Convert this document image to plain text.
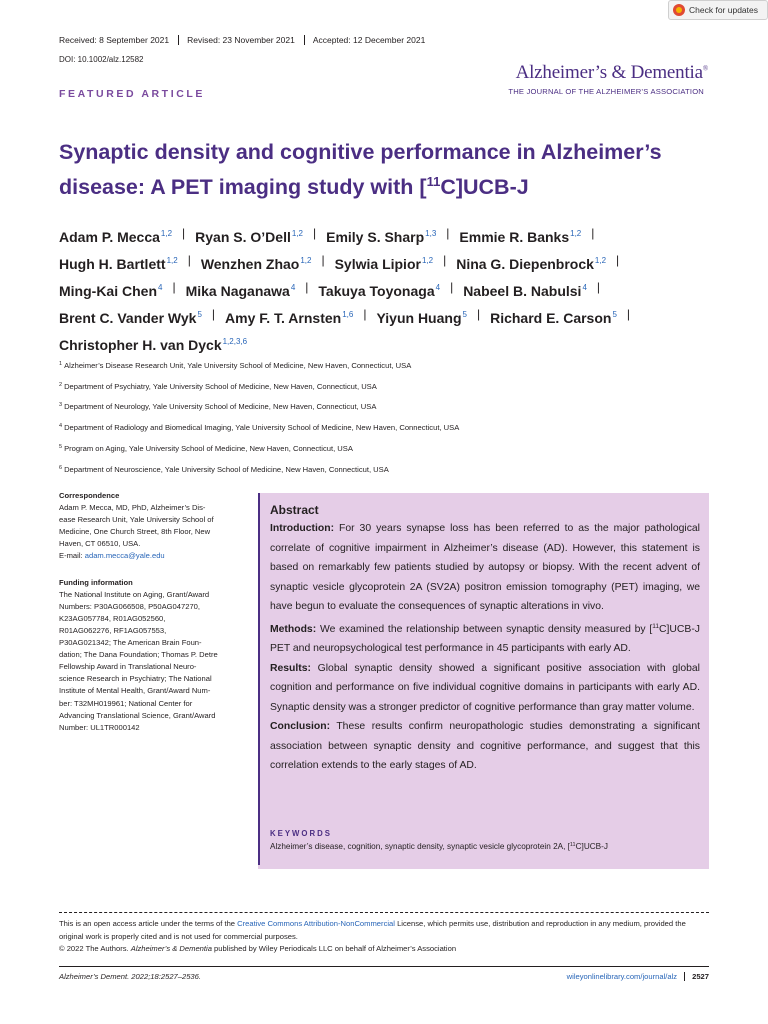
Check for updates
Received: 8 September 2021	Revised: 23 November 2021	Accepted: 12 December 2021
DOI: 10.1002/alz.12582
Alzheimer’s & Dementia®
THE JOURNAL OF THE ALZHEIMER’S ASSOCIATION
FEATURED ARTICLE
Synaptic density and cognitive performance in Alzheimer’s
disease: A PET imaging study with [$^{11}$C]UCB-J
Adam P. Mecca$^{1,2}$ | Ryan S. O’Dell$^{1,2}$ | Emily S. Sharp$^{1,3}$ | Emmie R. Banks$^{1,2}$ |
Hugh H. Bartlett$^{1,2}$ | Wenzhen Zhao$^{1,2}$ | Sylwia Lipior$^{1,2}$ | Nina G. Diepenbrock$^{1,2}$ |
Ming-Kai Chen$^4$ | Mika Naganawa$^4$ | Takuya Toyonaga$^4$ | Nabeel B. Nabulsi$^4$ |
Brent C. Vander Wyk$^5$ | Amy F. T. Arnsten$^{1,6}$ | Yiyun Huang$^5$ | Richard E. Carson$^5$ |
Christopher H. van Dyck$^{1,2,3,6}$
$^1$ Alzheimer’s Disease Research Unit, Yale University School of Medicine, New Haven, Connecticut, USA
$^2$ Department of Psychiatry, Yale University School of Medicine, New Haven, Connecticut, USA
$^3$ Department of Neurology, Yale University School of Medicine, New Haven, Connecticut, USA
$^4$ Department of Radiology and Biomedical Imaging, Yale University School of Medicine, New Haven, Connecticut, USA
$^5$ Program on Aging, Yale University School of Medicine, New Haven, Connecticut, USA
$^6$ Department of Neuroscience, Yale University School of Medicine, New Haven, Connecticut, USA
Correspondence
Adam P. Mecca, MD, PhD, Alzheimer’s Dis-
ease Research Unit, Yale University School of
Medicine, One Church Street, 8th Floor, New
Haven, CT 06510, USA.
E-mail: adam.mecca@yale.edu
Funding information
The National Institute on Aging, Grant/Award
Numbers: P30AG066508, P50AG047270,
K23AG057784, R01AG052560,
R01AG062276, RF1AG057553,
P30AG021342; The American Brain Foun-
dation; The Dana Foundation; Thomas P. Detre
Fellowship Award in Translational Neuro-
science Research in Psychiatry; The National
Institute of Mental Health, Grant/Award Num-
ber: T32MH019961; National Center for
Advancing Translational Science, Grant/Award
Number: UL1TR000142
Abstract
Introduction: For 30 years synapse loss has been referred to as the major pathological correlate of cognitive impairment in Alzheimer’s disease (AD). However, this statement is based on remarkably few patients studied by autopsy or biopsy. With the recent advent of synaptic vesicle glycoprotein 2A (SV2A) positron emission tomography (PET) imaging, we have begun to evaluate the consequences of synaptic alterations in vivo.
Methods: We examined the relationship between synaptic density measured by [$^{11}$C]UCB-J PET and neuropsychological test performance in 45 participants with early AD.
Results: Global synaptic density showed a significant positive association with global cognition and performance on five individual cognitive domains in participants with early AD. Synaptic density was a stronger predictor of cognitive performance than gray matter volume.
Conclusion: These results confirm neuropathologic studies demonstrating a significant association between synaptic density and cognitive performance, and suggest that this correlation extends to the early stages of AD.
KEYWORDS
Alzheimer’s disease, cognition, synaptic density, synaptic vesicle glycoprotein 2A, [$^{11}$C]UCB-J
This is an open access article under the terms of the Creative Commons Attribution-NonCommercial License, which permits use, distribution and reproduction in any medium, provided the original work is properly cited and is not used for commercial purposes.
© 2022 The Authors. Alzheimer’s & Dementia published by Wiley Periodicals LLC on behalf of Alzheimer’s Association
Alzheimer’s Dement. 2022;18:2527–2536.	wileyonlinelibrary.com/journal/alz	2527
